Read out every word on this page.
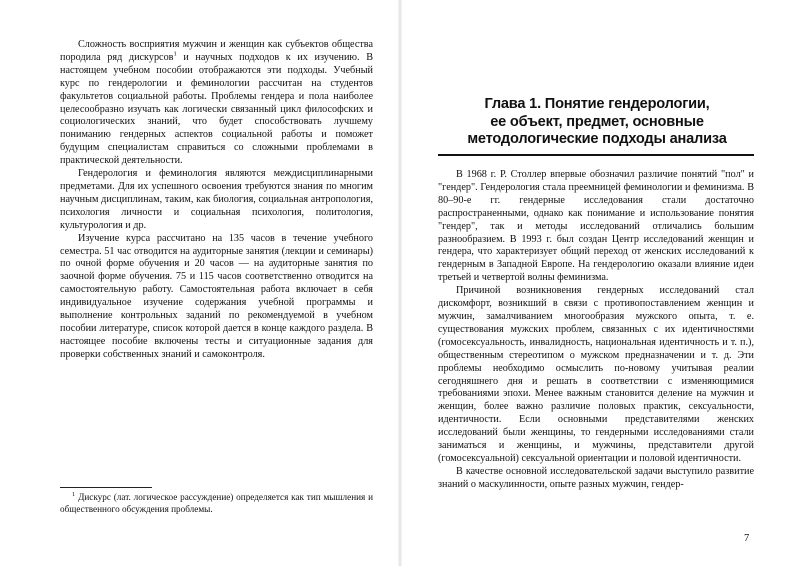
Сложность восприятия мужчин и женщин как субъектов общества породила ряд дискурсов$^1$ и научных подходов к их изучению. В настоящем учебном пособии отображаются эти подходы. Учебный курс по гендерологии и феминологии рассчитан на студентов факультетов социальной работы. Проблемы гендера и пола наиболее целесообразно изучать как логически связанный цикл философских и социологических знаний, что будет способствовать лучшему пониманию гендерных аспектов социальной работы и поможет будущим специалистам справиться со сложными проблемами в практической деятельности.

Гендерология и феминология являются междисциплинарными предметами. Для их успешного освоения требуются знания по многим научным дисциплинам, таким, как биология, социальная антропология, психология личности и социальная психология, политология, культурология и др.

Изучение курса рассчитано на 135 часов в течение учебного семестра. 51 час отводится на аудиторные занятия (лекции и семинары) по очной форме обучения и 20 часов — на аудиторные занятия по заочной форме обучения. 75 и 115 часов соответственно отводится на самостоятельную работу. Самостоятельная работа включает в себя индивидуальное изучение содержания учебной программы и выполнение контрольных заданий по рекомендуемой в учебном пособии литературе, список которой дается в конце каждого раздела. В настоящее пособие включены тесты и ситуационные задания для проверки собственных знаний и самоконтроля.

$^1$ Дискурс (лат. логическое рассуждение) определяется как тип мышления и общественного обсуждения проблемы.
Глава 1. Понятие гендерологии,
ее объект, предмет, основные
методологические подходы анализа

В 1968 г. Р. Столлер впервые обозначил различие понятий "пол" и "гендер". Гендерология стала преемницей феминологии и феминизма. В 80–90-е гг. гендерные исследования стали достаточно распространенными, однако как понимание и использование понятия "гендер", так и методы исследований отличались большим разнообразием. В 1993 г. был создан Центр исследований женщин и гендера, что характеризует общий переход от женских исследований к гендерным в Западной Европе. На гендерологию оказали влияние идеи третьей и четвертой волны феминизма.

Причиной возникновения гендерных исследований стал дискомфорт, возникший в связи с противопоставлением женщин и мужчин, замалчиванием многообразия мужского опыта, т. е. существования мужских проблем, связанных с их идентичностями (гомосексуальность, инвалидность, национальная идентичность и т. п.), общественным стереотипом о мужском предназначении и т. д. Эти проблемы необходимо осмыслить по-новому учитывая реалии сегодняшнего дня и решать в соответствии с изменяющимися требованиями эпохи. Менее важным становится деление на мужчин и женщин, более важно различие половых практик, сексуальности, идентичности. Если основными представителями женских исследований были женщины, то гендерными исследованиями стали заниматься и женщины, и мужчины, представители другой (гомосексуальной) сексуальной ориентации и половой идентичности.

В качестве основной исследовательской задачи выступило развитие знаний о маскулинности, опыте разных мужчин, гендер-

7
